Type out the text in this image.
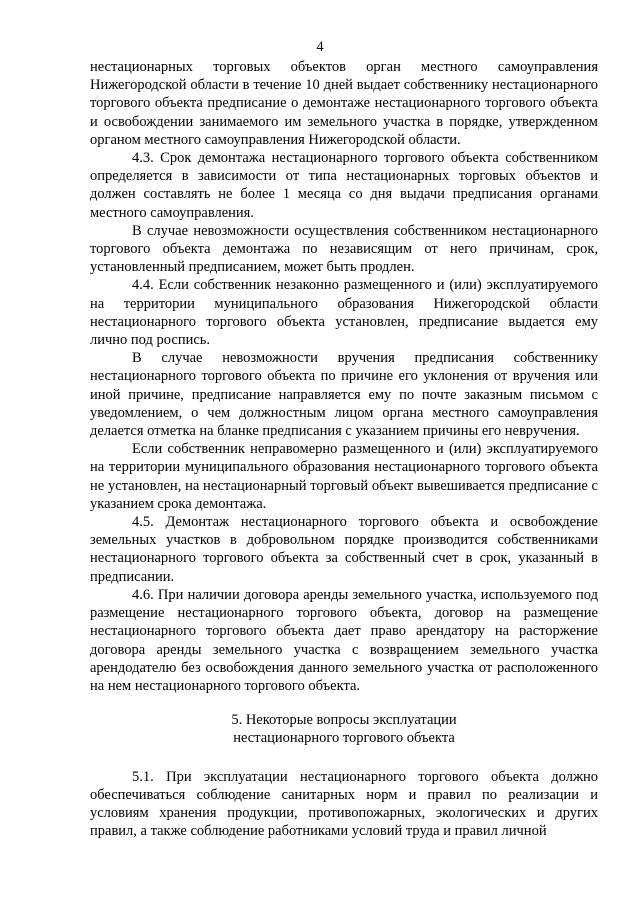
4

нестационарных торговых объектов орган местного самоуправления Нижегородской области в течение 10 дней выдает собственнику нестационарного торгового объекта предписание о демонтаже нестационарного торгового объекта и освобождении занимаемого им земельного участка в порядке, утвержденном органом местного самоуправления Нижегородской области.

4.3. Срок демонтажа нестационарного торгового объекта собственником определяется в зависимости от типа нестационарных торговых объектов и должен составлять не более 1 месяца со дня выдачи предписания органами местного самоуправления.

В случае невозможности осуществления собственником нестационарного торгового объекта демонтажа по независящим от него причинам, срок, установленный предписанием, может быть продлен.

4.4. Если собственник незаконно размещенного и (или) эксплуатируемого на территории муниципального образования Нижегородской области нестационарного торгового объекта установлен, предписание выдается ему лично под роспись.

В случае невозможности вручения предписания собственнику нестационарного торгового объекта по причине его уклонения от вручения или иной причине, предписание направляется ему по почте заказным письмом с уведомлением, о чем должностным лицом органа местного самоуправления делается отметка на бланке предписания с указанием причины его невручения.

Если собственник неправомерно размещенного и (или) эксплуатируемого на территории муниципального образования нестационарного торгового объекта не установлен, на нестационарный торговый объект вывешивается предписание с указанием срока демонтажа.

4.5. Демонтаж нестационарного торгового объекта и освобождение земельных участков в добровольном порядке производится собственниками нестационарного торгового объекта за собственный счет в срок, указанный в предписании.

4.6. При наличии договора аренды земельного участка, используемого под размещение нестационарного торгового объекта, договор на размещение нестационарного торгового объекта дает право арендатору на расторжение договора аренды земельного участка с возвращением земельного участка арендодателю без освобождения данного земельного участка от расположенного на нем нестационарного торгового объекта.

5. Некоторые вопросы эксплуатации
нестационарного торгового объекта

5.1. При эксплуатации нестационарного торгового объекта должно обеспечиваться соблюдение санитарных норм и правил по реализации и условиям хранения продукции, противопожарных, экологических и других правил, а также соблюдение работниками условий труда и правил личной
